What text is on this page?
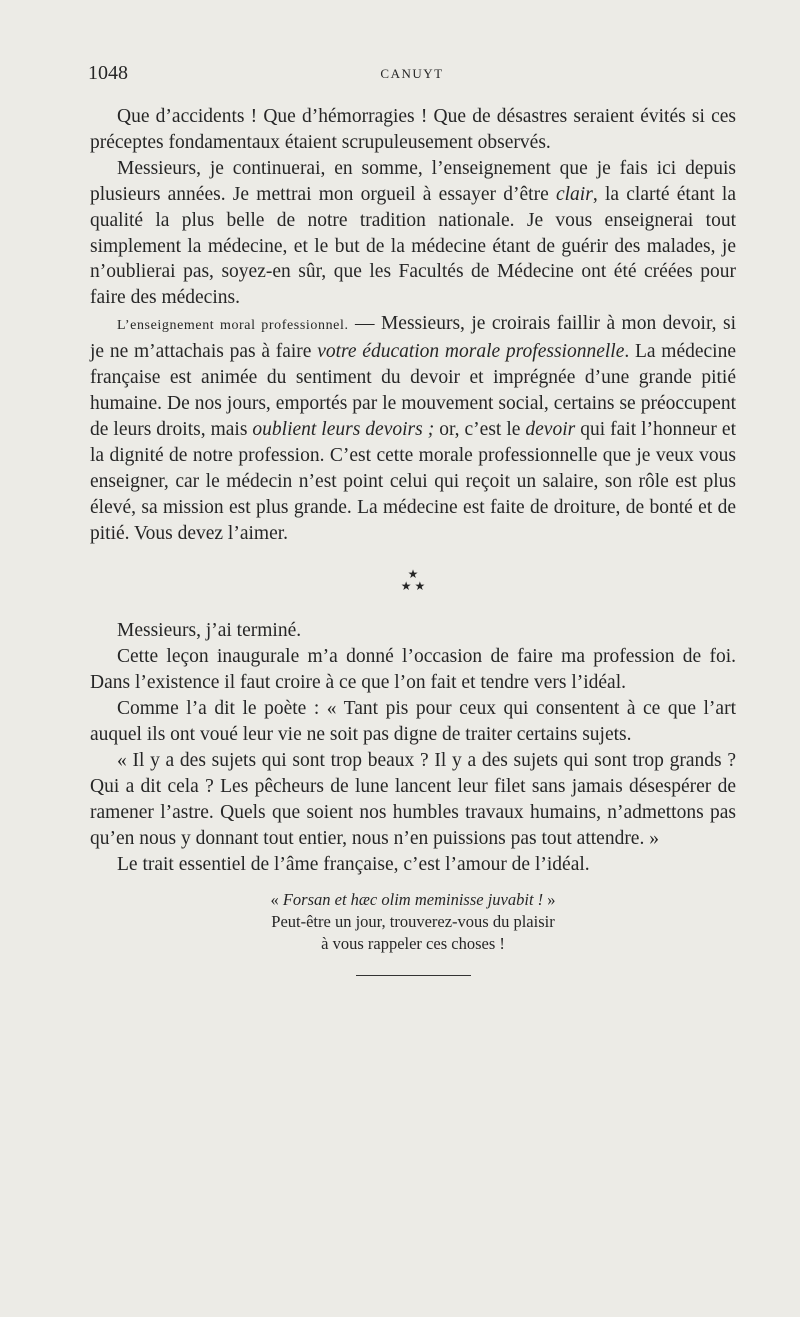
1048	CANUYT

Que d’accidents ! Que d’hémorragies ! Que de désastres seraient évités si ces préceptes fondamentaux étaient scrupuleusement observés.

Messieurs, je continuerai, en somme, l’enseignement que je fais ici depuis plusieurs années. Je mettrai mon orgueil à essayer d’être clair, la clarté étant la qualité la plus belle de notre tradition nationale. Je vous enseignerai tout simplement la médecine, et le but de la médecine étant de guérir des malades, je n’oublierai pas, soyez-en sûr, que les Facultés de Médecine ont été créées pour faire des médecins.

L’enseignement moral professionnel. — Messieurs, je croirais faillir à mon devoir, si je ne m’attachais pas à faire votre éducation morale professionnelle. La médecine française est animée du sentiment du devoir et imprégnée d’une grande pitié humaine. De nos jours, emportés par le mouvement social, certains se préoccupent de leurs droits, mais oublient leurs devoirs ; or, c’est le devoir qui fait l’honneur et la dignité de notre profession. C’est cette morale professionnelle que je veux vous enseigner, car le médecin n’est point celui qui reçoit un salaire, son rôle est plus élevé, sa mission est plus grande. La médecine est faite de droiture, de bonté et de pitié. Vous devez l’aimer.

★
★ ★

Messieurs, j’ai terminé.

Cette leçon inaugurale m’a donné l’occasion de faire ma profession de foi. Dans l’existence il faut croire à ce que l’on fait et tendre vers l’idéal.

Comme l’a dit le poète : « Tant pis pour ceux qui consentent à ce que l’art auquel ils ont voué leur vie ne soit pas digne de traiter certains sujets.

« Il y a des sujets qui sont trop beaux ? Il y a des sujets qui sont trop grands ? Qui a dit cela ? Les pêcheurs de lune lancent leur filet sans jamais désespérer de ramener l’astre. Quels que soient nos humbles travaux humains, n’admettons pas qu’en nous y donnant tout entier, nous n’en puissions pas tout attendre. »

Le trait essentiel de l’âme française, c’est l’amour de l’idéal.

« Forsan et hæc olim meminisse juvabit ! »
Peut-être un jour, trouverez-vous du plaisir
à vous rappeler ces choses !
